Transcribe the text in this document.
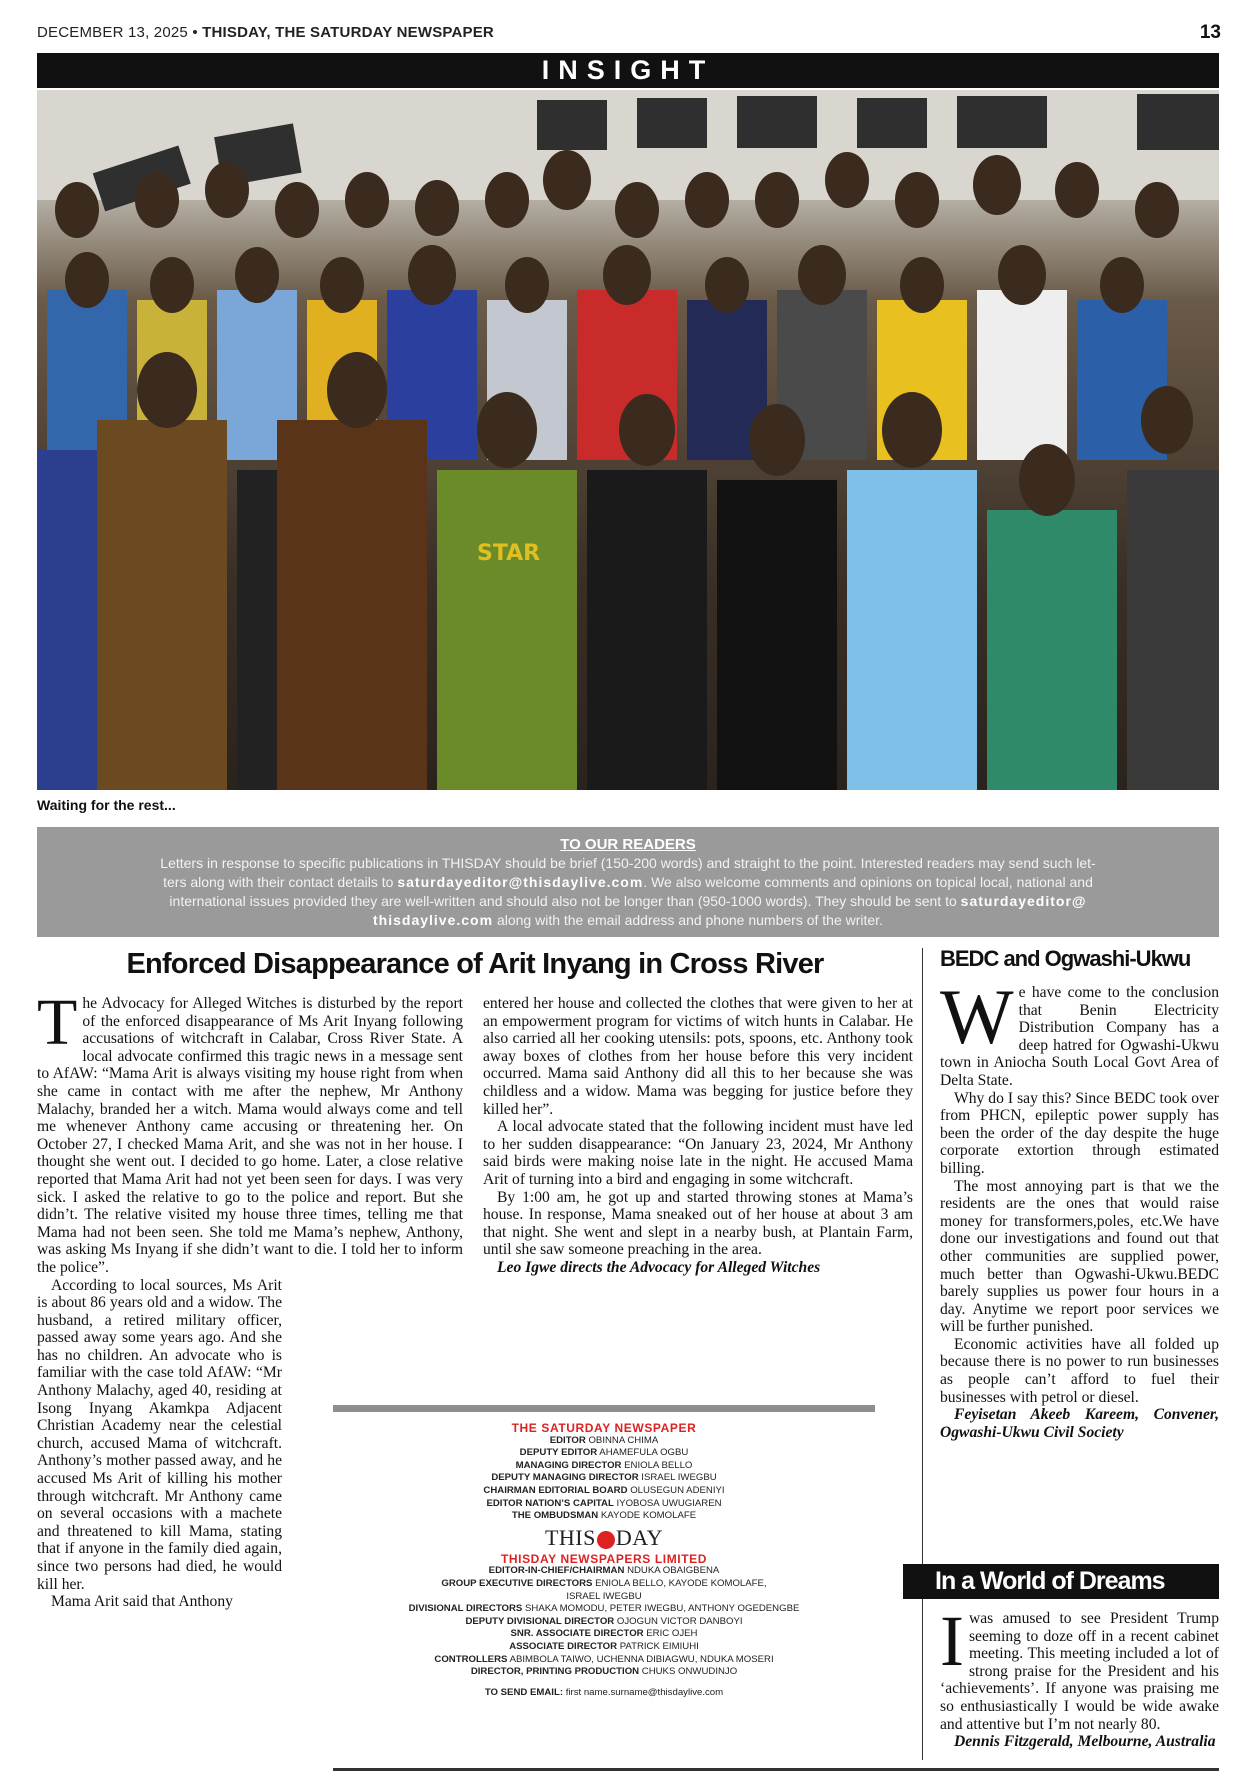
DECEMBER 13, 2025 • THISDAY, THE SATURDAY NEWSPAPER	13
INSIGHT
STAR
Waiting for the rest...
TO OUR READERS
Letters in response to specific publications in THISDAY should be brief (150-200 words) and straight to the point. Interested readers may send such let-
ters along with their contact details to saturdayeditor@thisdaylive.com. We also welcome comments and opinions on topical local, national and
international issues provided they are well-written and should also not be longer than (950-1000 words). They should be sent to saturdayeditor@
thisdaylive.com along with the email address and phone numbers of the writer.
Enforced Disappearance of Arit Inyang in Cross River

The Advocacy for Alleged Witches is disturbed by the report of the enforced disappearance of Ms Arit Inyang following accusations of witchcraft in Calabar, Cross River State. A local advocate confirmed this tragic news in a message sent to AfAW: “Mama Arit is always visiting my house right from when she came in contact with me after the nephew, Mr Anthony Malachy, branded her a witch. Mama would always come and tell me whenever Anthony came accusing or threatening her. On October 27, I checked Mama Arit, and she was not in her house. I thought she went out. I decided to go home. Later, a close relative reported that Mama Arit had not yet been seen for days. I was very sick. I asked the relative to go to the police and report. But she didn’t. The relative visited my house three times, telling me that Mama had not been seen. She told me Mama’s nephew, Anthony, was asking Ms Inyang if she didn’t want to die. I told her to inform the police”.

According to local sources, Ms Arit is about 86 years old and a widow. The husband, a retired military officer, passed away some years ago. And she has no children. An advocate who is familiar with the case told AfAW: “Mr Anthony Malachy, aged 40, residing at Isong Inyang Akamkpa Adjacent Christian Academy near the celestial church, accused Mama of witchcraft. Anthony’s mother passed away, and he accused Ms Arit of killing his mother through witchcraft. Mr Anthony came on several occasions with a machete and threatened to kill Mama, stating that if anyone in the family died again, since two persons had died, he would kill her.

Mama Arit said that Anthony

entered her house and collected the clothes that were given to her at an empowerment program for victims of witch hunts in Calabar. He also carried all her cooking utensils: pots, spoons, etc. Anthony took away boxes of clothes from her house before this very incident occurred. Mama said Anthony did all this to her because she was childless and a widow. Mama was begging for justice before they killed her”.

A local advocate stated that the following incident must have led to her sudden disappearance: “On January 23, 2024, Mr Anthony said birds were making noise late in the night. He accused Mama Arit of turning into a bird and engaging in some witchcraft.

By 1:00 am, he got up and started throwing stones at Mama’s house. In response, Mama sneaked out of her house at about 3 am that night. She went and slept in a nearby bush, at Plantain Farm, until she saw someone preaching in the area.

Leo Igwe directs the Advocacy for Alleged Witches

THE SATURDAY NEWSPAPER
EDITOR OBINNA CHIMA
DEPUTY EDITOR AHAMEFULA OGBU
MANAGING DIRECTOR ENIOLA BELLO
DEPUTY MANAGING DIRECTOR ISRAEL IWEGBU
CHAIRMAN EDITORIAL BOARD OLUSEGUN ADENIYI
EDITOR NATION’S CAPITAL IYOBOSA UWUGIAREN
THE OMBUDSMAN KAYODE KOMOLAFE
THIS DAY
THISDAY NEWSPAPERS LIMITED
EDITOR-IN-CHIEF/CHAIRMAN NDUKA OBAIGBENA
GROUP EXECUTIVE DIRECTORS ENIOLA BELLO, KAYODE KOMOLAFE,
ISRAEL IWEGBU
DIVISIONAL DIRECTORS SHAKA MOMODU, PETER IWEGBU, ANTHONY OGEDENGBE
DEPUTY DIVISIONAL DIRECTOR OJOGUN VICTOR DANBOYI
SNR. ASSOCIATE DIRECTOR ERIC OJEH
ASSOCIATE DIRECTOR PATRICK EIMIUHI
CONTROLLERS ABIMBOLA TAIWO, UCHENNA DIBIAGWU, NDUKA MOSERI
DIRECTOR, PRINTING PRODUCTION CHUKS ONWUDINJO
TO SEND EMAIL: first name.surname@thisdaylive.com
BEDC and Ogwashi-Ukwu

We have come to the conclusion that Benin Electricity Distribution Company has a deep hatred for Ogwashi-Ukwu town in Aniocha South Local Govt Area of Delta State.

Why do I say this? Since BEDC took over from PHCN, epileptic power supply has been the order of the day despite the huge corporate extortion through estimated billing.

The most annoying part is that we the residents are the ones that would raise money for transformers,poles, etc.We have done our investigations and found out that other communities are supplied power, much better than Ogwashi-Ukwu.BEDC barely supplies us power four hours in a day. Anytime we report poor services we will be further punished.

Economic activities have all folded up because there is no power to run businesses as people can’t afford to fuel their businesses with petrol or diesel.

Feyisetan Akeeb Kareem, Convener, Ogwashi-Ukwu Civil Society

In a World of Dreams

Iwas amused to see President Trump seeming to doze off in a recent cabinet meeting. This meeting included a lot of strong praise for the President and his ‘achievements’. If anyone was praising me so enthusiastically I would be wide awake and attentive but I’m not nearly 80.

Dennis Fitzgerald, Melbourne, Australia
